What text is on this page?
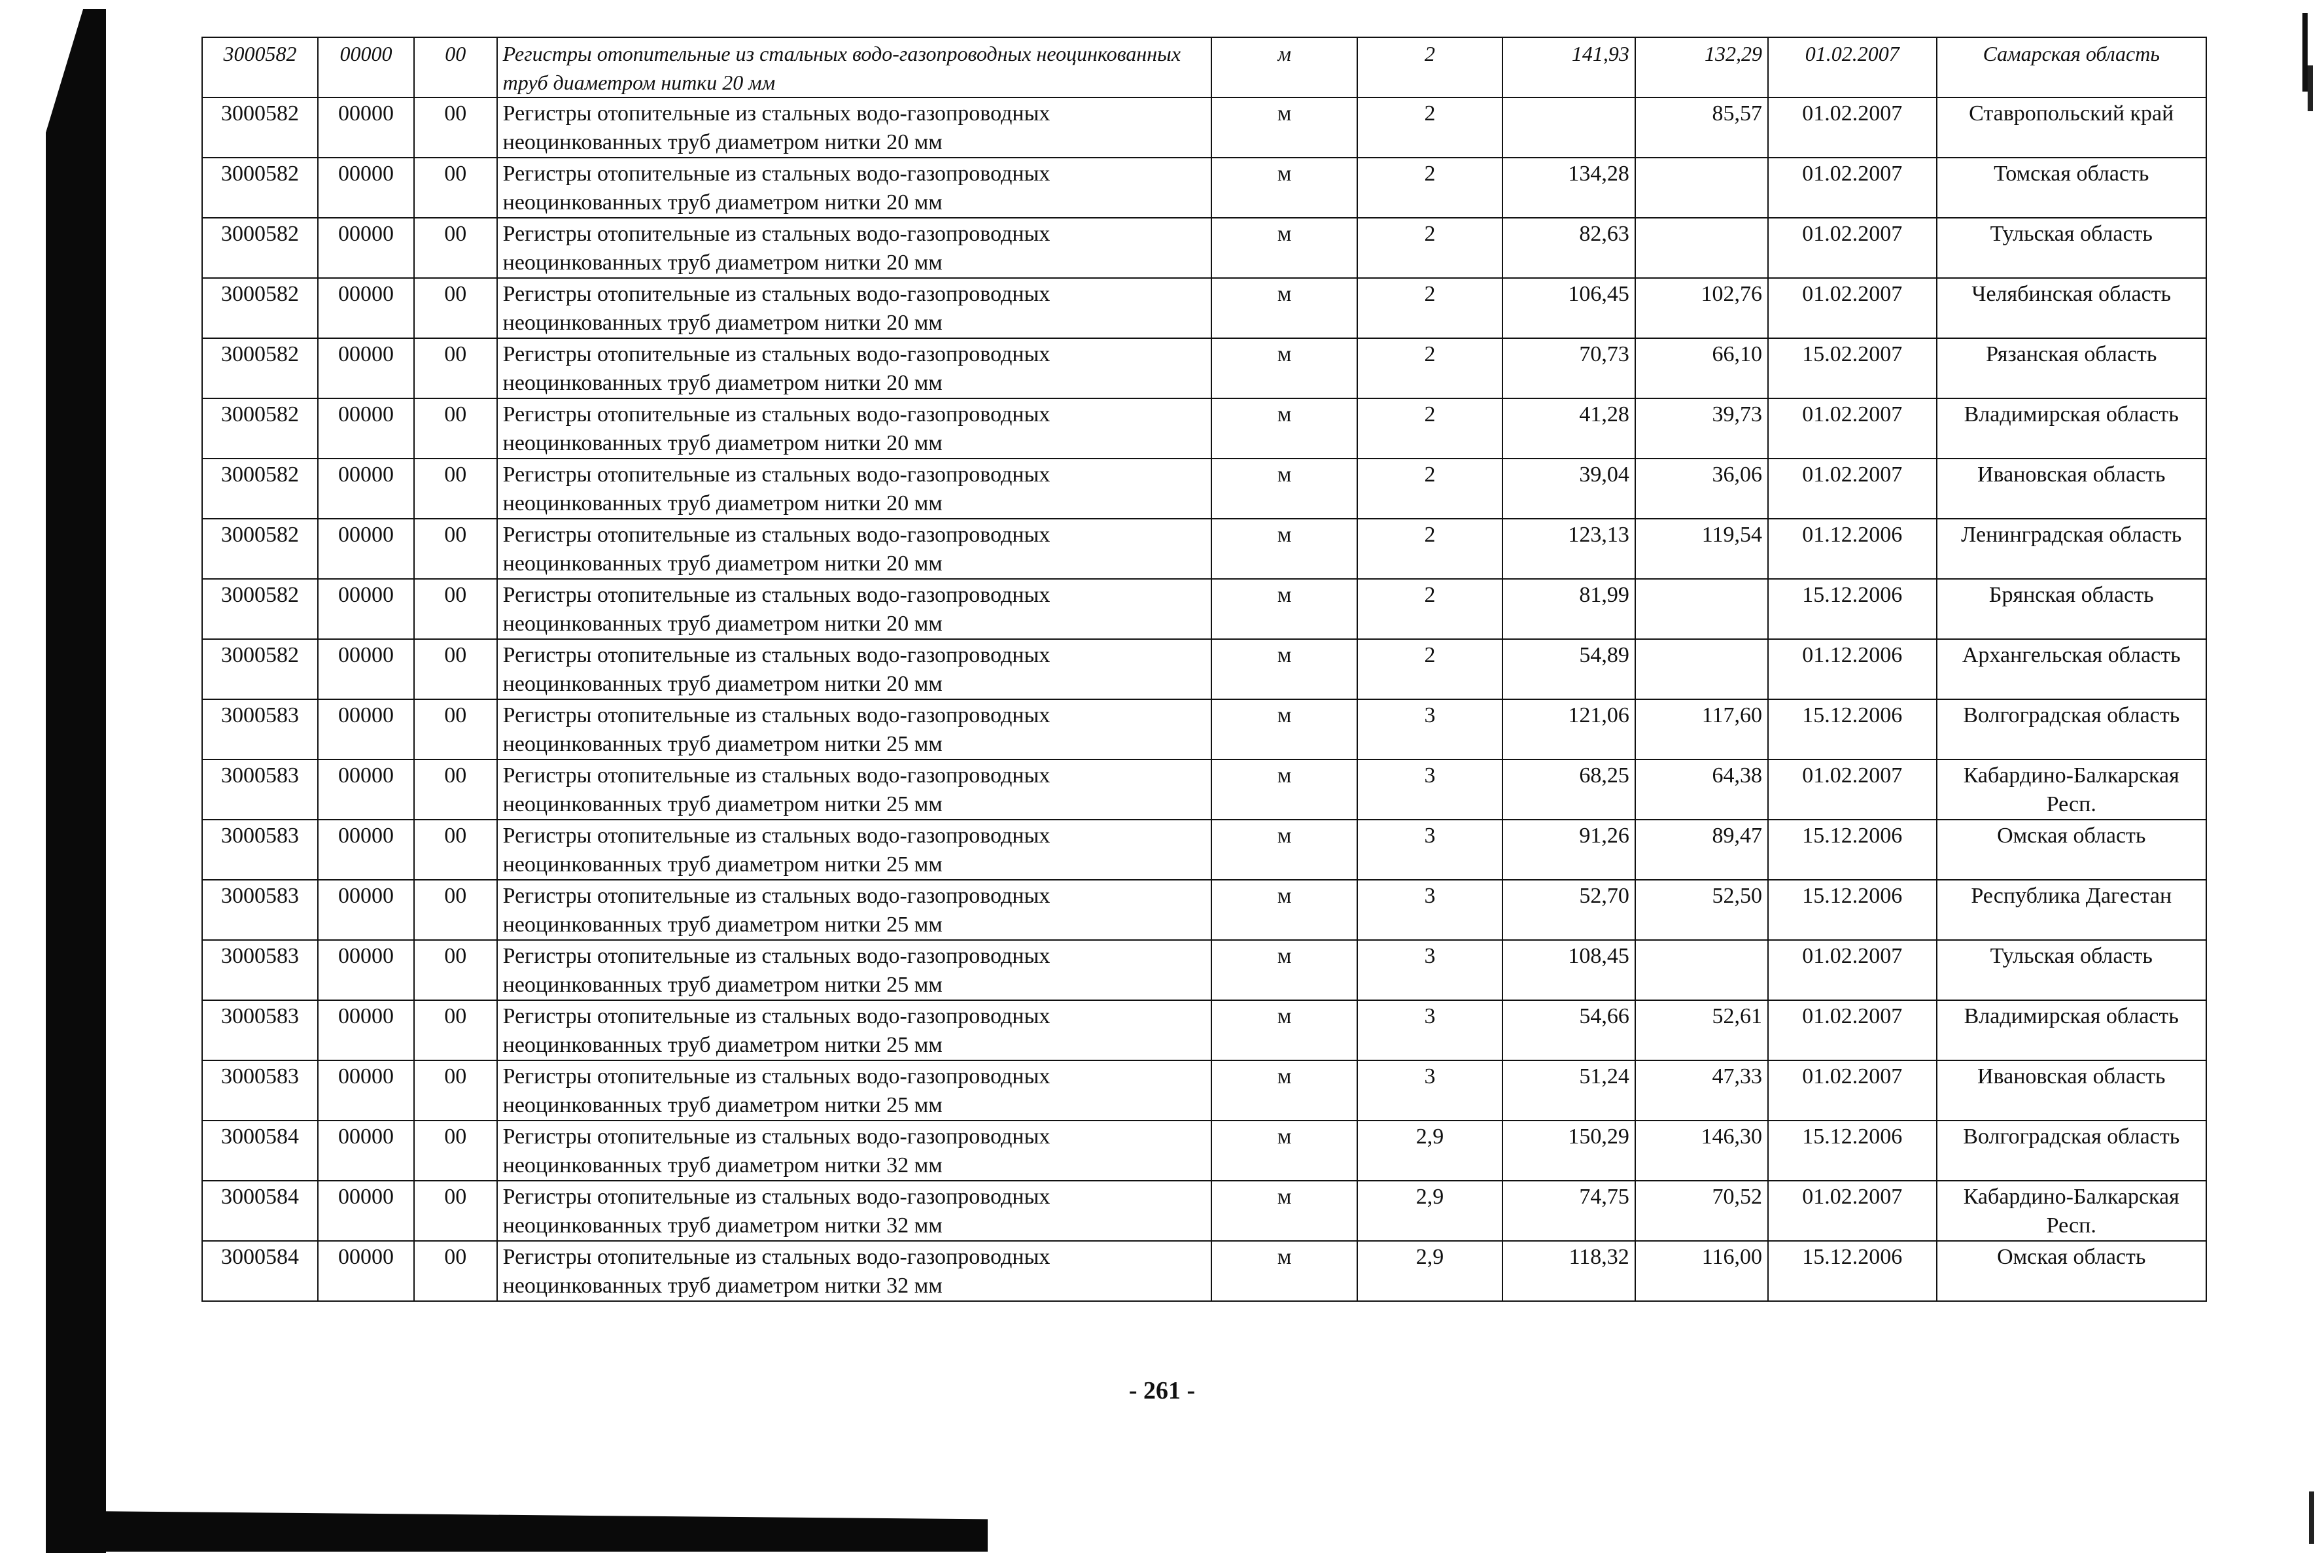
3000582	00000	00	Регистры отопительные из стальных водо-газопроводных неоцинкованных труб диаметром нитки 20 мм	м	2	141,93	132,29	01.02.2007	Самарская область
3000582	00000	00	Регистры отопительные из стальных водо-газопроводных неоцинкованных труб диаметром нитки 20 мм	м	2		85,57	01.02.2007	Ставропольский край
3000582	00000	00	Регистры отопительные из стальных водо-газопроводных неоцинкованных труб диаметром нитки 20 мм	м	2	134,28		01.02.2007	Томская область
3000582	00000	00	Регистры отопительные из стальных водо-газопроводных неоцинкованных труб диаметром нитки 20 мм	м	2	82,63		01.02.2007	Тульская область
3000582	00000	00	Регистры отопительные из стальных водо-газопроводных неоцинкованных труб диаметром нитки 20 мм	м	2	106,45	102,76	01.02.2007	Челябинская область
3000582	00000	00	Регистры отопительные из стальных водо-газопроводных неоцинкованных труб диаметром нитки 20 мм	м	2	70,73	66,10	15.02.2007	Рязанская область
3000582	00000	00	Регистры отопительные из стальных водо-газопроводных неоцинкованных труб диаметром нитки 20 мм	м	2	41,28	39,73	01.02.2007	Владимирская область
3000582	00000	00	Регистры отопительные из стальных водо-газопроводных неоцинкованных труб диаметром нитки 20 мм	м	2	39,04	36,06	01.02.2007	Ивановская область
3000582	00000	00	Регистры отопительные из стальных водо-газопроводных неоцинкованных труб диаметром нитки 20 мм	м	2	123,13	119,54	01.12.2006	Ленинградская область
3000582	00000	00	Регистры отопительные из стальных водо-газопроводных неоцинкованных труб диаметром нитки 20 мм	м	2	81,99		15.12.2006	Брянская область
3000582	00000	00	Регистры отопительные из стальных водо-газопроводных неоцинкованных труб диаметром нитки 20 мм	м	2	54,89		01.12.2006	Архангельская область
3000583	00000	00	Регистры отопительные из стальных водо-газопроводных неоцинкованных труб диаметром нитки 25 мм	м	3	121,06	117,60	15.12.2006	Волгоградская область
3000583	00000	00	Регистры отопительные из стальных водо-газопроводных неоцинкованных труб диаметром нитки 25 мм	м	3	68,25	64,38	01.02.2007	Кабардино-Балкарская Респ.
3000583	00000	00	Регистры отопительные из стальных водо-газопроводных неоцинкованных труб диаметром нитки 25 мм	м	3	91,26	89,47	15.12.2006	Омская область
3000583	00000	00	Регистры отопительные из стальных водо-газопроводных неоцинкованных труб диаметром нитки 25 мм	м	3	52,70	52,50	15.12.2006	Республика Дагестан
3000583	00000	00	Регистры отопительные из стальных водо-газопроводных неоцинкованных труб диаметром нитки 25 мм	м	3	108,45		01.02.2007	Тульская область
3000583	00000	00	Регистры отопительные из стальных водо-газопроводных неоцинкованных труб диаметром нитки 25 мм	м	3	54,66	52,61	01.02.2007	Владимирская область
3000583	00000	00	Регистры отопительные из стальных водо-газопроводных неоцинкованных труб диаметром нитки 25 мм	м	3	51,24	47,33	01.02.2007	Ивановская область
3000584	00000	00	Регистры отопительные из стальных водо-газопроводных неоцинкованных труб диаметром нитки 32 мм	м	2,9	150,29	146,30	15.12.2006	Волгоградская область
3000584	00000	00	Регистры отопительные из стальных водо-газопроводных неоцинкованных труб диаметром нитки 32 мм	м	2,9	74,75	70,52	01.02.2007	Кабардино-Балкарская Респ.
3000584	00000	00	Регистры отопительные из стальных водо-газопроводных неоцинкованных труб диаметром нитки 32 мм	м	2,9	118,32	116,00	15.12.2006	Омская область
- 261 -
